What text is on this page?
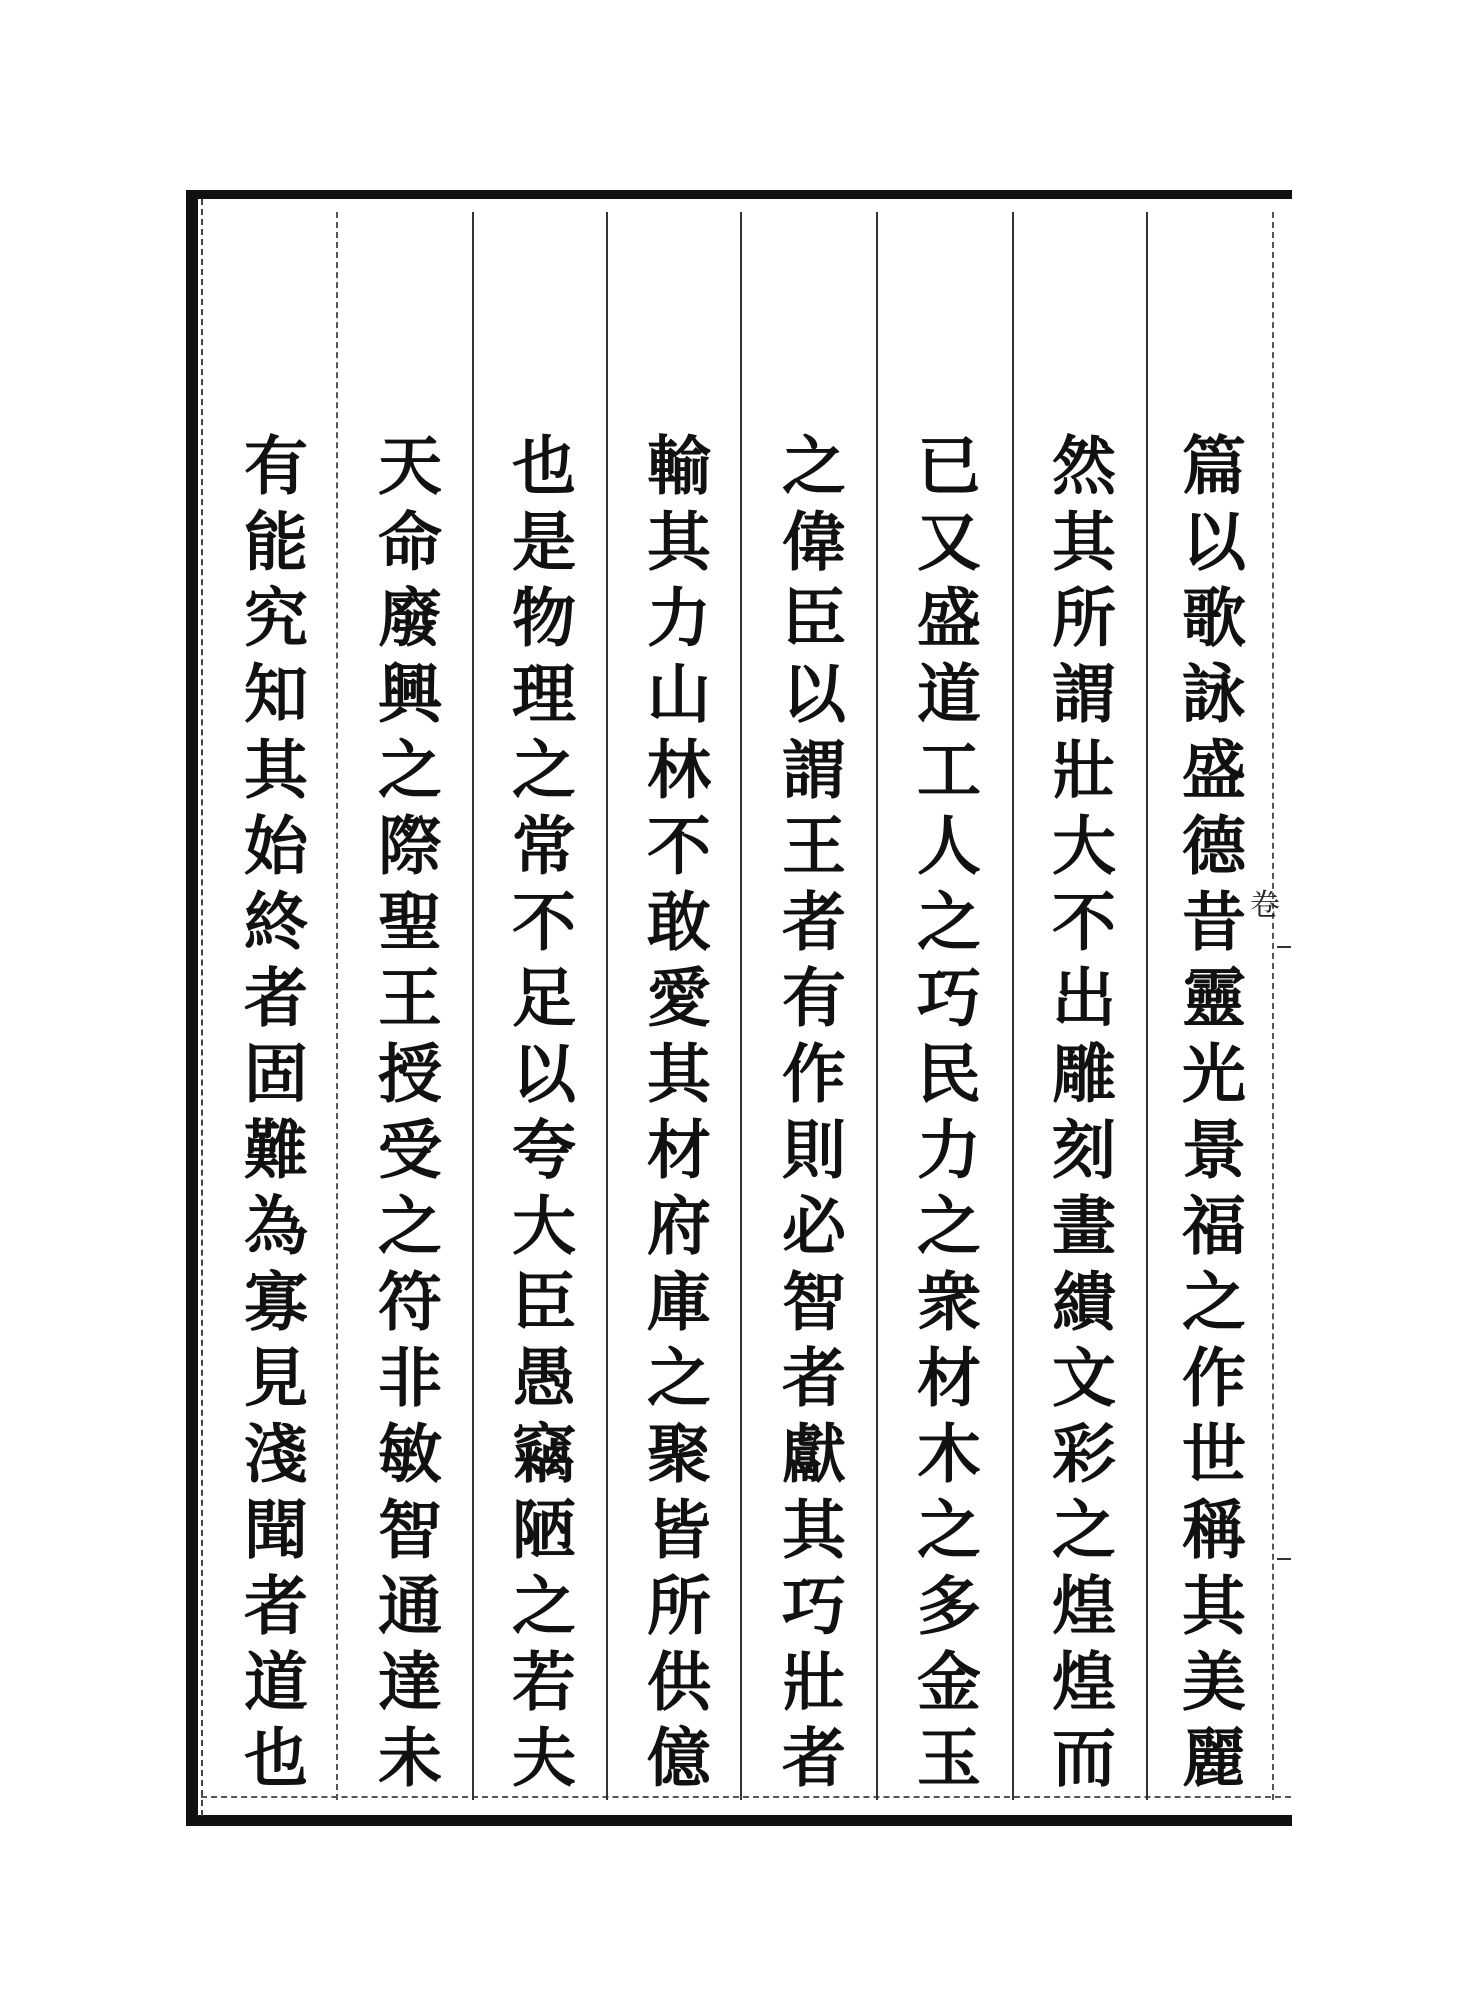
篇以歌詠盛德昔靈光景福之作世稱其美麗
然其所謂壯大不出雕刻畫繢文彩之煌煌而
已又盛道工人之巧民力之衆材木之多金玉
之偉臣以謂王者有作則必智者獻其巧壯者
輸其力山林不敢愛其材府庫之聚皆所供億
也是物理之常不足以夸大臣愚竊陋之若夫
天命廢興之際聖王授受之符非敏智通達未
有能究知其始終者固難為寡見淺聞者道也	卷
